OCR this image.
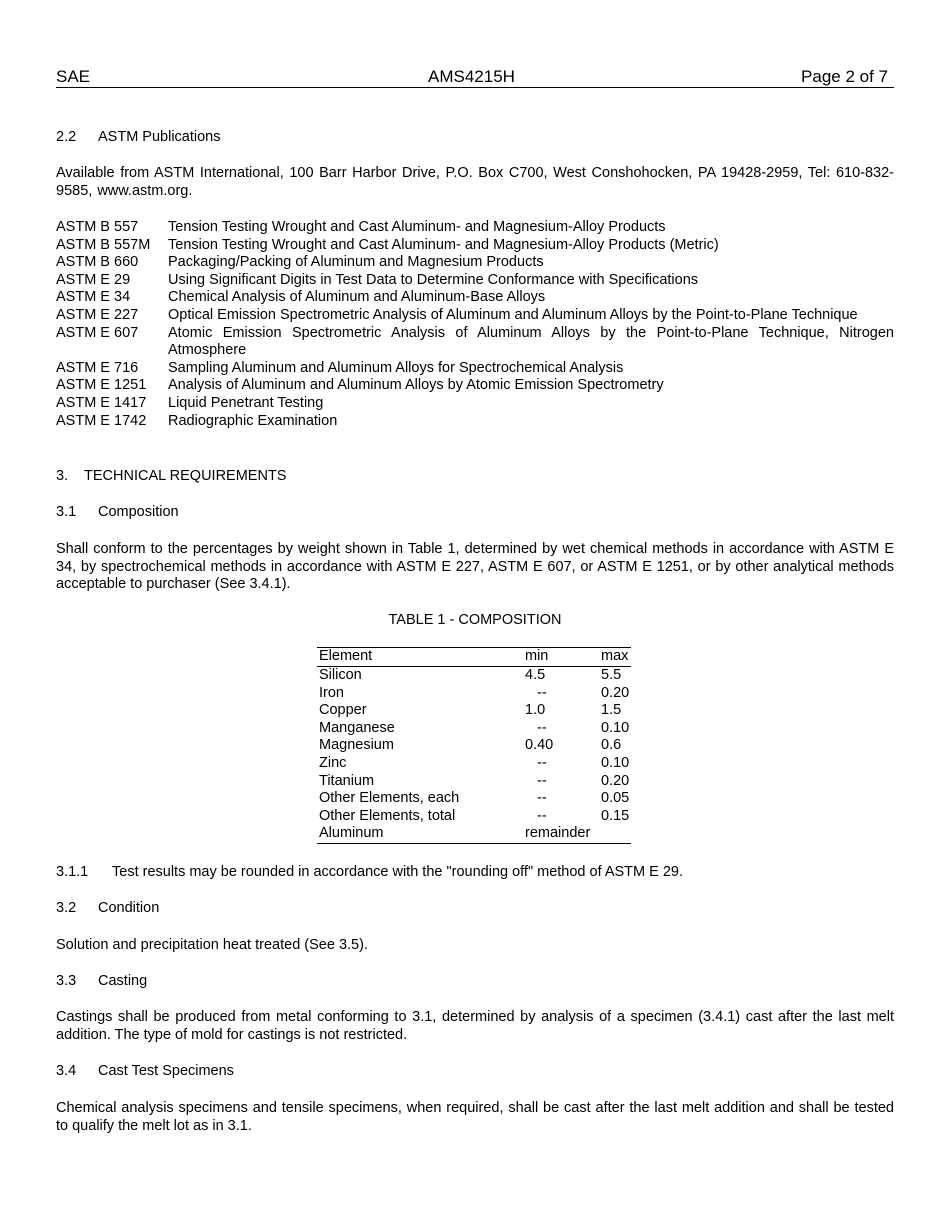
SAE	AMS4215H	Page 2 of 7
2.2 ASTM Publications
Available from ASTM International, 100 Barr Harbor Drive, P.O. Box C700, West Conshohocken, PA 19428-2959, Tel: 610-832-9585, www.astm.org.
ASTM B 557	Tension Testing Wrought and Cast Aluminum- and Magnesium-Alloy Products
ASTM B 557M	Tension Testing Wrought and Cast Aluminum- and Magnesium-Alloy Products (Metric)
ASTM B 660	Packaging/Packing of Aluminum and Magnesium Products
ASTM E 29	Using Significant Digits in Test Data to Determine Conformance with Specifications
ASTM E 34	Chemical Analysis of Aluminum and Aluminum-Base Alloys
ASTM E 227	Optical Emission Spectrometric Analysis of Aluminum and Aluminum Alloys by the Point-to-Plane Technique
ASTM E 607	Atomic Emission Spectrometric Analysis of Aluminum Alloys by the Point-to-Plane Technique, Nitrogen Atmosphere
ASTM E 716	Sampling Aluminum and Aluminum Alloys for Spectrochemical Analysis
ASTM E 1251	Analysis of Aluminum and Aluminum Alloys by Atomic Emission Spectrometry
ASTM E 1417	Liquid Penetrant Testing
ASTM E 1742	Radiographic Examination
3. TECHNICAL REQUIREMENTS
3.1 Composition
Shall conform to the percentages by weight shown in Table 1, determined by wet chemical methods in accordance with ASTM E 34, by spectrochemical methods in accordance with ASTM E 227, ASTM E 607, or ASTM E 1251, or by other analytical methods acceptable to purchaser (See 3.4.1).
TABLE 1 - COMPOSITION
Element	min	max
Silicon	4.5	5.5
Iron	--	0.20
Copper	1.0	1.5
Manganese	--	0.10
Magnesium	0.40	0.6
Zinc	--	0.10
Titanium	--	0.20
Other Elements, each	--	0.05
Other Elements, total	--	0.15
Aluminum	remainder
3.1.1 Test results may be rounded in accordance with the "rounding off" method of ASTM E 29.
3.2 Condition
Solution and precipitation heat treated (See 3.5).
3.3 Casting
Castings shall be produced from metal conforming to 3.1, determined by analysis of a specimen (3.4.1) cast after the last melt addition. The type of mold for castings is not restricted.
3.4 Cast Test Specimens
Chemical analysis specimens and tensile specimens, when required, shall be cast after the last melt addition and shall be tested to qualify the melt lot as in 3.1.
